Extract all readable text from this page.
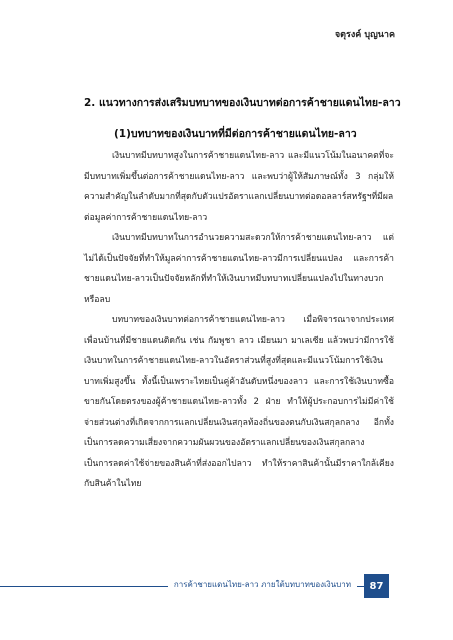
จตุรงค์ บุญนาค
2. แนวทางการส่งเสริมบทบาทของเงินบาทต่อการค้าชายแดนไทย-ลาว
(1)บทบาทของเงินบาทที่มีต่อการค้าชายแดนไทย-ลาว

เงินบาทมีบทบาทสูงในการค้าชายแดนไทย-ลาว และมีแนวโน้มในอนาคตที่จะมีบทบาทเพิ่มขึ้นต่อการค้าชายแดนไทย-ลาว และพบว่าผู้ให้สัมภาษณ์ทั้ง 3 กลุ่มให้ความสำคัญในลำดับมากที่สุดกับตัวแปรอัตราแลกเปลี่ยนบาทต่อดอลลาร์สหรัฐฯที่มีผลต่อมูลค่าการค้าชายแดนไทย-ลาว

เงินบาทมีบทบาทในการอำนวยความสะดวกให้การค้าชายแดนไทย-ลาว แต่ไม่ได้เป็นปัจจัยที่ทำให้มูลค่าการค้าชายแดนไทย-ลาวมีการเปลี่ยนแปลง และการค้าชายแดนไทย-ลาวเป็นปัจจัยหลักที่ทำให้เงินบาทมีบทบาทเปลี่ยนแปลงไปในทางบวกหรือลบ

บทบาทของเงินบาทต่อการค้าชายแดนไทย-ลาว เมื่อพิจารณาจากประเทศเพื่อนบ้านที่มีชายแดนติดกัน เช่น กัมพูชา ลาว เมียนมา มาเลเซีย แล้วพบว่ามีการใช้เงินบาทในการค้าชายแดนไทย-ลาวในอัตราส่วนที่สูงที่สุดและมีแนวโน้มการใช้เงินบาทเพิ่มสูงขึ้น ทั้งนี้เป็นเพราะไทยเป็นคู่ค้าอันดับหนึ่งของลาว และการใช้เงินบาทซื้อขายกันโดยตรงของผู้ค้าชายแดนไทย-ลาวทั้ง 2 ฝ่าย ทำให้ผู้ประกอบการไม่มีค่าใช้จ่ายส่วนต่างที่เกิดจากการแลกเปลี่ยนเงินสกุลท้องถิ่นของตนกับเงินสกุลกลาง อีกทั้งเป็นการลดความเสี่ยงจากความผันผวนของอัตราแลกเปลี่ยนของเงินสกุลกลาง เป็นการลดค่าใช้จ่ายของสินค้าที่ส่งออกไปลาว ทำให้ราคาสินค้านั้นมีราคาใกล้เคียงกับสินค้าในไทย

การค้าชายแดนไทย-ลาว ภายใต้บทบาทของเงินบาท	87
